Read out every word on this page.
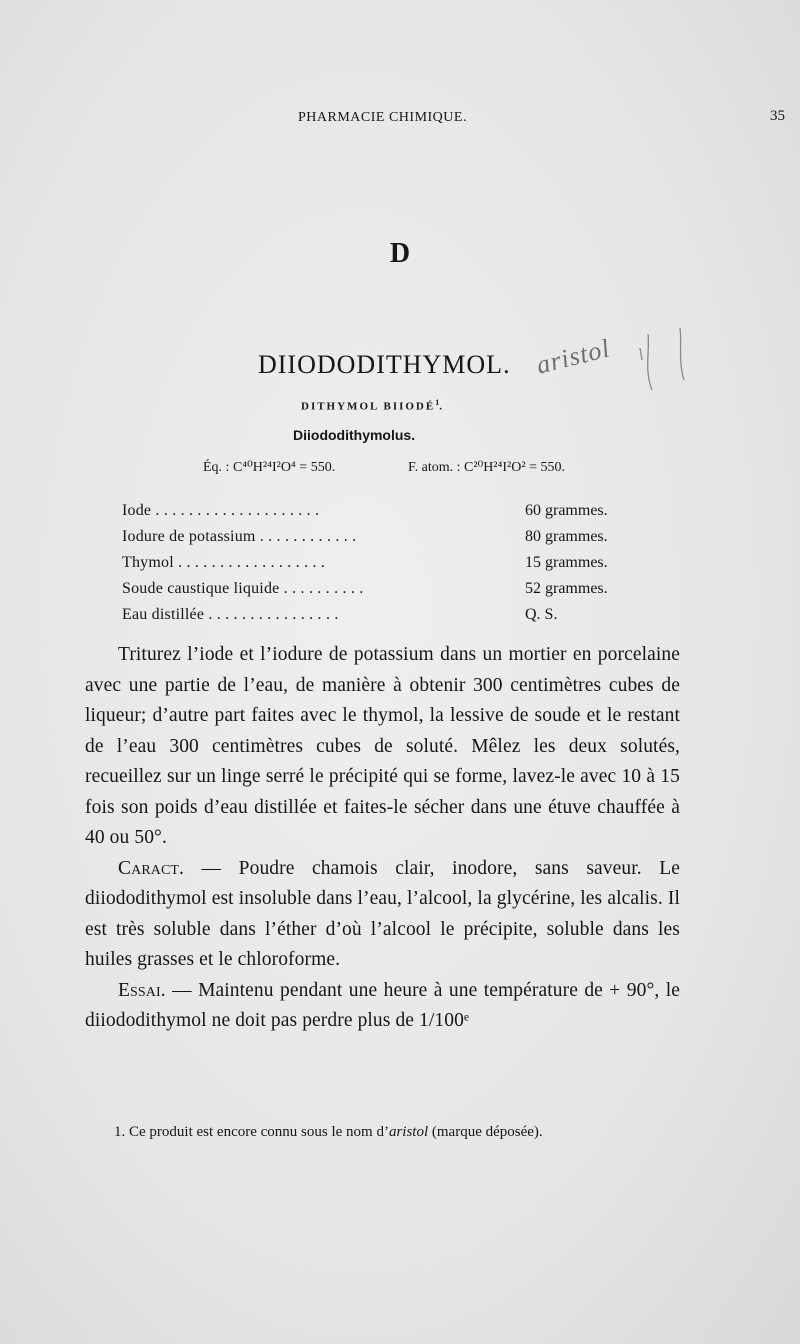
PHARMACIE CHIMIQUE.	35
D
DIIODODITHYMOL. aristol
DITHYMOL BIIODÉ$^1$.
Diiododithymolus.
Éq. : C⁴⁰H²⁴I²O⁴ = 550.	F. atom. : C²⁰H²⁴I²O² = 550.
Iode . . . . . . . . . . . . . . . . . . . .	60 grammes.
Iodure de potassium . . . . . . . . . . . .	80 grammes.
Thymol . . . . . . . . . . . . . . . . . .	15 grammes.
Soude caustique liquide . . . . . . . . . .	52 grammes.
Eau distillée . . . . . . . . . . . . . . . .	Q. S.

Triturez l’iode et l’iodure de potassium dans un mortier en porcelaine avec une partie de l’eau, de manière à obtenir 300 centimètres cubes de liqueur; d’autre part faites avec le thymol, la lessive de soude et le restant de l’eau 300 centimètres cubes de soluté. Mêlez les deux solutés, recueillez sur un linge serré le précipité qui se forme, lavez-le avec 10 à 15 fois son poids d’eau distillée et faites-le sécher dans une étuve chauffée à 40 ou 50°.

Caract. — Poudre chamois clair, inodore, sans saveur. Le diiododithymol est insoluble dans l’eau, l’alcool, la glycérine, les alcalis. Il est très soluble dans l’éther d’où l’alcool le précipite, soluble dans les huiles grasses et le chloroforme.

Essai. — Maintenu pendant une heure à une température de + 90°, le diiododithymol ne doit pas perdre plus de 1/100ᵉ

1. Ce produit est encore connu sous le nom d’aristol (marque déposée).
